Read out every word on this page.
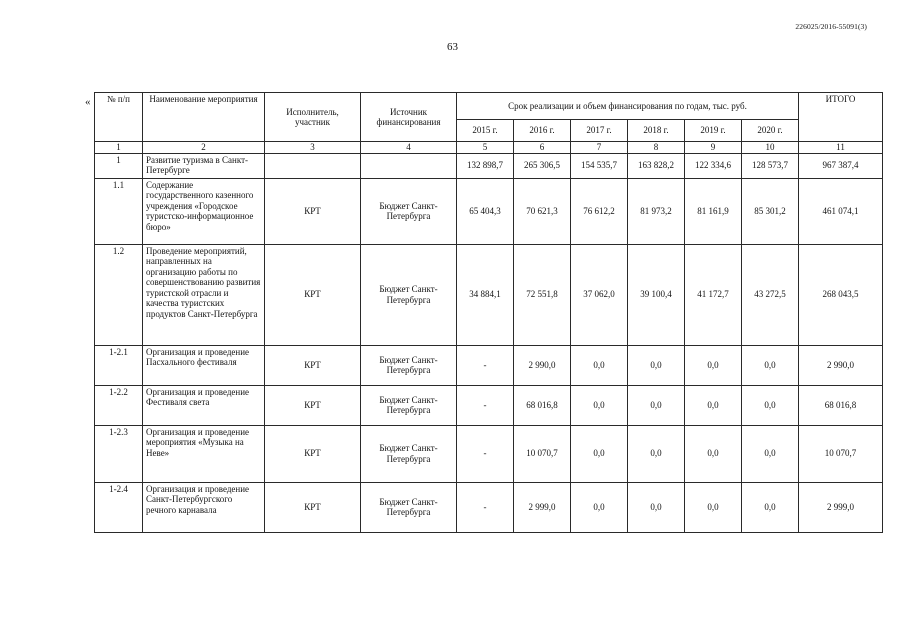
226025/2016-55091(3)
63
« № п/п	Наименование мероприятия	Исполнитель, участник	Источник финансирования	Срок реализации и объем финансирования по годам, тыс. руб.						ИТОГО
				2015 г.	2016 г.	2017 г.	2018 г.	2019 г.	2020 г.	
1	2	3	4	5	6	7	8	9	10	11
1	Развитие туризма в Санкт-Петербурге			132 898,7	265 306,5	154 535,7	163 828,2	122 334,6	128 573,7	967 387,4
1.1	Содержание государственного казенного учреждения «Городское туристско-информационное бюро»	КРТ	Бюджет Санкт-Петербурга	65 404,3	70 621,3	76 612,2	81 973,2	81 161,9	85 301,2	461 074,1
1.2	Проведение мероприятий, направленных на организацию работы по совершенствованию развития туристской отрасли и качества туристских продуктов Санкт-Петербурга	КРТ	Бюджет Санкт-Петербурга	34 884,1	72 551,8	37 062,0	39 100,4	41 172,7	43 272,5	268 043,5
1-2.1	Организация и проведение Пасхального фестиваля	КРТ	Бюджет Санкт-Петербурга	-	2 990,0	0,0	0,0	0,0	0,0	2 990,0
1-2.2	Организация и проведение Фестиваля света	КРТ	Бюджет Санкт-Петербурга	-	68 016,8	0,0	0,0	0,0	0,0	68 016,8
1-2.3	Организация и проведение мероприятия «Музыка на Неве»	КРТ	Бюджет Санкт-Петербурга	-	10 070,7	0,0	0,0	0,0	0,0	10 070,7
1-2.4	Организация и проведение Санкт-Петербургского речного карнавала	КРТ	Бюджет Санкт-Петербурга	-	2 999,0	0,0	0,0	0,0	0,0	2 999,0
